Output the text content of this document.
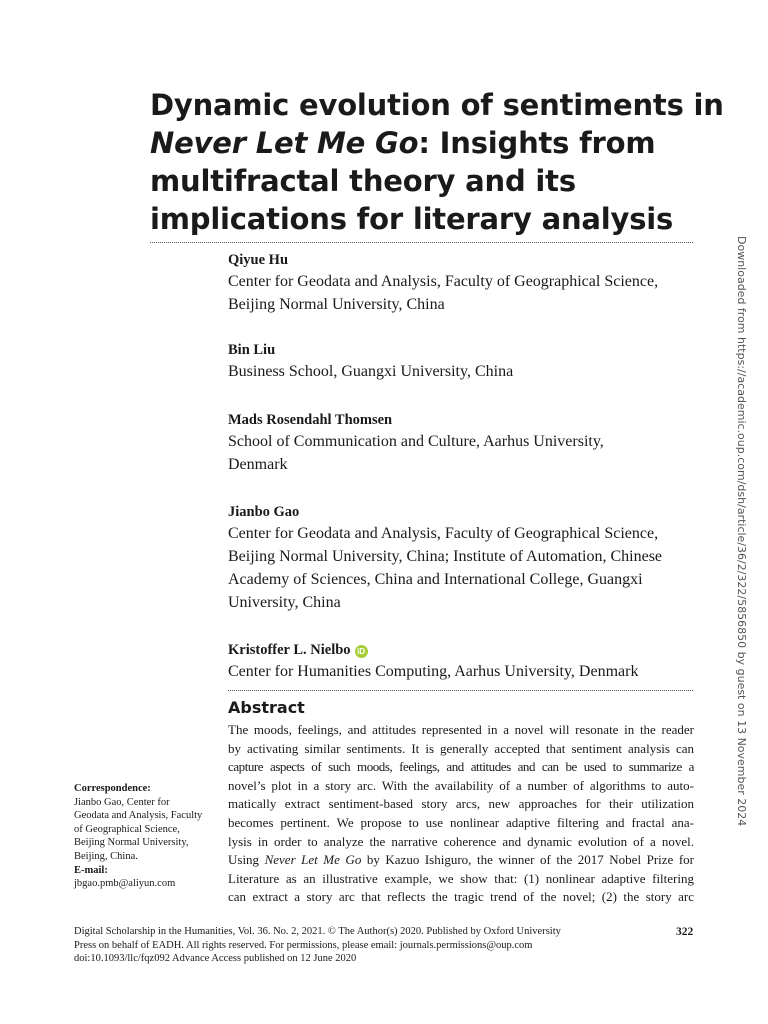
Dynamic evolution of sentiments in
Never Let Me Go: Insights from
multifractal theory and its
implications for literary analysis
Qiyue Hu
Center for Geodata and Analysis, Faculty of Geographical Science,
Beijing Normal University, China
Bin Liu
Business School, Guangxi University, China
Mads Rosendahl Thomsen
School of Communication and Culture, Aarhus University,
Denmark
Jianbo Gao
Center for Geodata and Analysis, Faculty of Geographical Science,
Beijing Normal University, China; Institute of Automation, Chinese
Academy of Sciences, China and International College, Guangxi
University, China
Kristoffer L. Nielbo iD
Center for Humanities Computing, Aarhus University, Denmark
Abstract
The moods, feelings, and attitudes represented in a novel will resonate in the reader
by activating similar sentiments. It is generally accepted that sentiment analysis can
capture aspects of such moods, feelings, and attitudes and can be used to summarize a
novel’s plot in a story arc. With the availability of a number of algorithms to auto-
matically extract sentiment-based story arcs, new approaches for their utilization
becomes pertinent. We propose to use nonlinear adaptive filtering and fractal ana-
lysis in order to analyze the narrative coherence and dynamic evolution of a novel.
Using Never Let Me Go by Kazuo Ishiguro, the winner of the 2017 Nobel Prize for
Literature as an illustrative example, we show that: (1) nonlinear adaptive filtering
can extract a story arc that reflects the tragic trend of the novel; (2) the story arc
Correspondence:
Jianbo Gao, Center for
Geodata and Analysis, Faculty
of Geographical Science,
Beijing Normal University,
Beijing, China.
E-mail:
jbgao.pmb@aliyun.com
Digital Scholarship in the Humanities, Vol. 36. No. 2, 2021. © The Author(s) 2020. Published by Oxford University
Press on behalf of EADH. All rights reserved. For permissions, please email: journals.permissions@oup.com
doi:10.1093/llc/fqz092 Advance Access published on 12 June 2020
322
Downloaded from https://academic.oup.com/dsh/article/36/2/322/5856850 by guest on 13 November 2024
